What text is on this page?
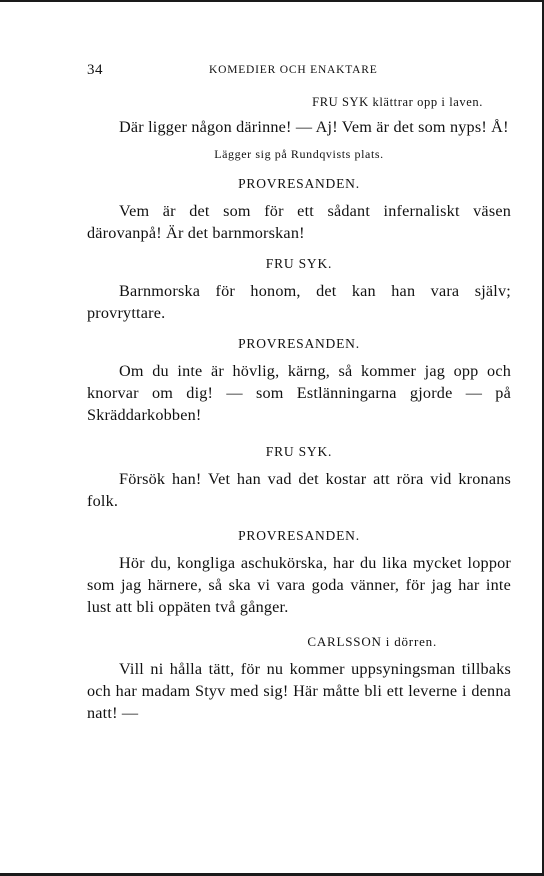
34	KOMEDIER OCH ENAKTARE

FRU SYK klättrar opp i laven.

Där ligger någon därinne! — Aj! Vem är det som nyps! Å!

Lägger sig på Rundqvists plats.

PROVRESANDEN.

Vem är det som för ett sådant infernaliskt väsen därovanpå! Är det barnmorskan!

FRU SYK.

Barnmorska för honom, det kan han vara själv; provryttare.

PROVRESANDEN.

Om du inte är hövlig, kärng, så kommer jag opp och knorvar om dig! — som Estlänningarna gjorde — på Skräddarkobben!

FRU SYK.

Försök han! Vet han vad det kostar att röra vid kronans folk.

PROVRESANDEN.

Hör du, kongliga aschukörska, har du lika mycket loppor som jag härnere, så ska vi vara goda vänner, för jag har inte lust att bli oppäten två gånger.

CARLSSON i dörren.

Vill ni hålla tätt, för nu kommer uppsyningsman tillbaks och har madam Styv med sig! Här måtte bli ett leverne i denna natt! —
